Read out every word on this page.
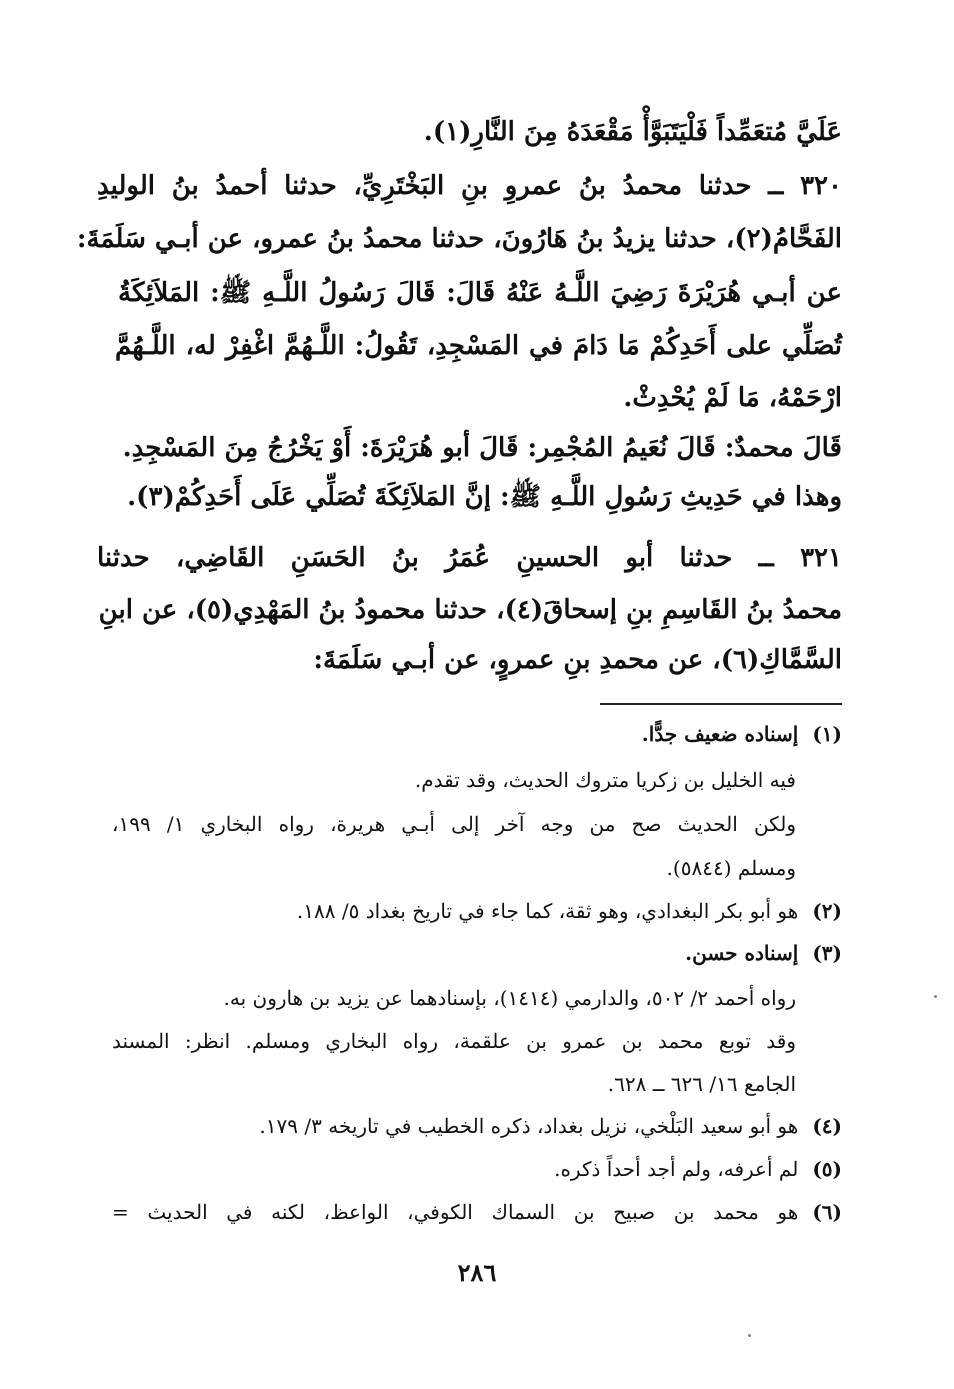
عَلَيَّ مُتعَمِّداً فَلْيَتَبَوَّأْ مَقْعَدَهُ مِنَ النَّارِ(١).
٣٢٠ ــ حدثنا محمدُ بنُ عمروِ بنِ البَخْتَرِيِّ، حدثنا أحمدُ بنُ الوليدِ
الفَحَّامُ(٢)، حدثنا يزيدُ بنُ هَارُونَ، حدثنا محمدُ بنُ عمرو، عن أبـي سَلَمَةَ:
عن أبـي هُرَيْرَةَ رَضِيَ اللَّـهُ عَنْهُ قَالَ: قَالَ رَسُولُ اللَّـهِ ﷺ: المَلاَئِكَةُ
تُصَلِّي على أَحَدِكُمْ مَا دَامَ في المَسْجِدِ، تَقُولُ: اللَّـهُمَّ اغْفِرْ له، اللَّـهُمَّ
ارْحَمْهُ، مَا لَمْ يُحْدِثْ.
قَالَ محمدٌ: قَالَ نُعَيمُ المُجْمِر: قَالَ أبو هُرَيْرَةَ: أَوْ يَخْرُجُ مِنَ المَسْجِدِ.
وهذا في حَدِيثِ رَسُولِ اللَّـهِ ﷺ: إنَّ المَلاَئِكَةَ تُصَلِّي عَلَى أَحَدِكُمْ(٣).
٣٢١ ــ حدثنا أبو الحسينِ عُمَرُ بنُ الحَسَنِ القَاضِي، حدثنا
محمدُ بنُ القَاسِمِ بنِ إسحاقَ(٤)، حدثنا محمودُ بنُ المَهْدِي(٥)، عن ابنِ
السَّمَّاكِ(٦)، عن محمدِ بنِ عمروٍ، عن أبـي سَلَمَةَ:
(١)إسناده ضعيف جدًّا.
فيه الخليل بن زكريا متروك الحديث، وقد تقدم.
ولكن الحديث صح من وجه آخر إلى أبـي هريرة، رواه البخاري ١/ ١٩٩،
ومسلم (٥٨٤٤).
(٢)هو أبو بكر البغدادي، وهو ثقة، كما جاء في تاريخ بغداد ٥/ ١٨٨.
(٣)إسناده حسن.
رواه أحمد ٢/ ٥٠٢، والدارمي (١٤١٤)، بإسنادهما عن يزيد بن هارون به.
وقد توبع محمد بن عمرو بن علقمة، رواه البخاري ومسلم. انظر: المسند
الجامع ١٦/ ٦٢٦ ــ ٦٢٨.
(٤)هو أبو سعيد البَلْخي، نزيل بغداد، ذكره الخطيب في تاريخه ٣/ ١٧٩.
(٥)لم أعرفه، ولم أجد أحداً ذكره.
(٦)هو محمد بن صبيح بن السماك الكوفي، الواعظ، لكنه في الحديث =
٢٨٦
